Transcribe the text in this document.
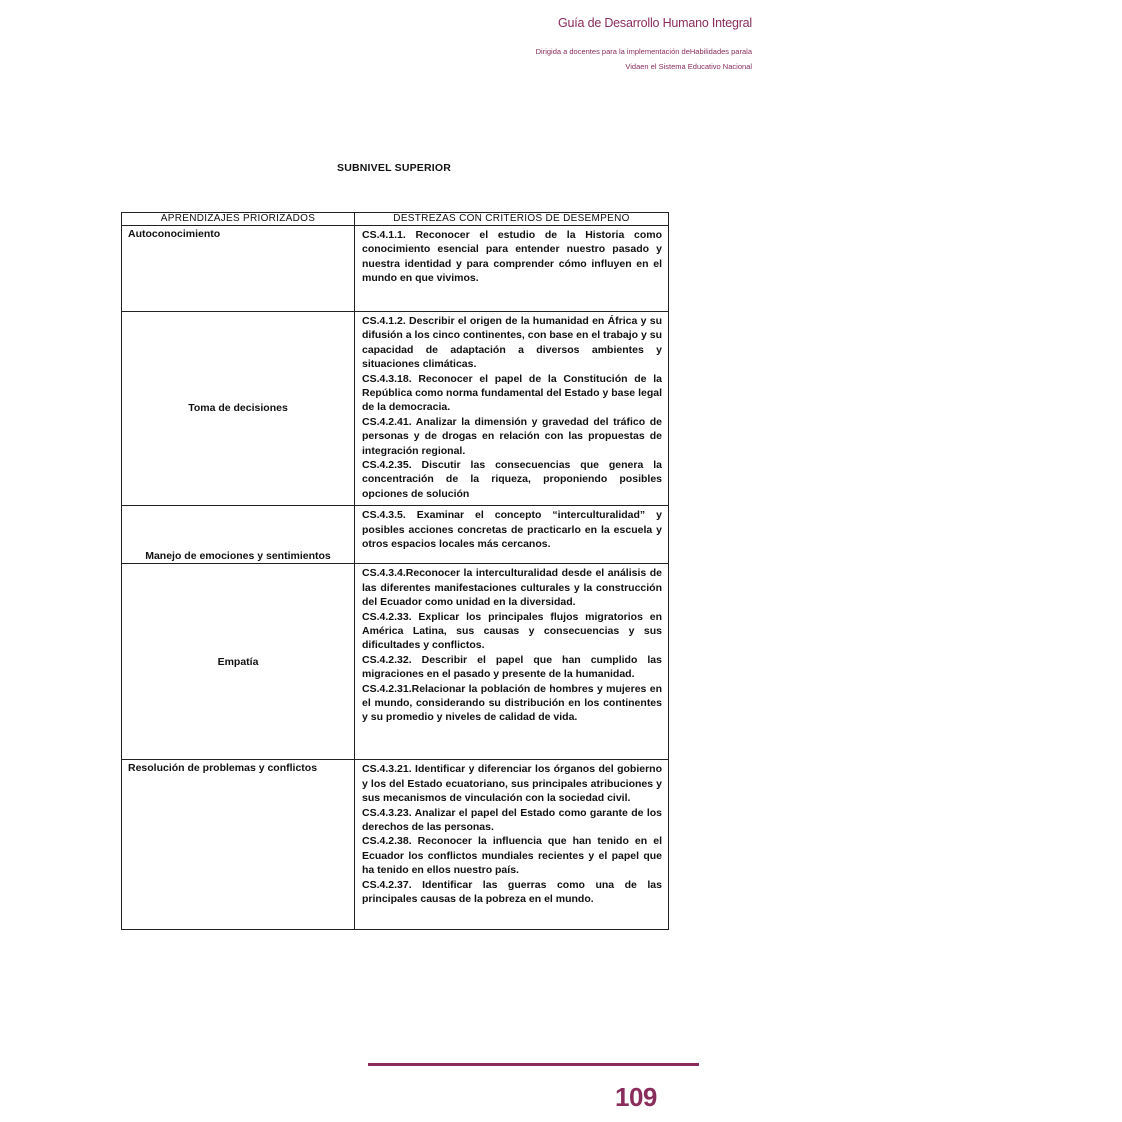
Guía de Desarrollo Humano Integral
Dirigida a docentes para la implementación deHabilidades parala
Vidaen el Sistema Educativo Nacional
SUBNIVEL SUPERIOR
APRENDIZAJES PRIORIZADOS	DESTREZAS CON CRITERIOS DE DESEMPEÑO
Autoconocimiento	CS.4.1.1. Reconocer el estudio de la Historia como conocimiento esencial para entender nuestro pasado y nuestra identidad y para comprender cómo influyen en el mundo en que vivimos.

Toma de decisiones	CS.4.1.2. Describir el origen de la humanidad en África y su difusión a los cinco continentes, con base en el trabajo y su capacidad de adaptación a diversos ambientes y situaciones climáticas.

CS.4.3.18. Reconocer el papel de la Constitución de la República como norma fundamental del Estado y base legal de la democracia.

CS.4.2.41. Analizar la dimensión y gravedad del tráfico de personas y de drogas en relación con las propuestas de integración regional.

CS.4.2.35. Discutir las consecuencias que genera la concentración de la riqueza, proponiendo posibles opciones de solución

Manejo de emociones y sentimientos	CS.4.3.5. Examinar el concepto “interculturalidad” y posibles acciones concretas de practicarlo en la escuela y otros espacios locales más cercanos.

Empatía	CS.4.3.4.Reconocer la interculturalidad desde el análisis de las diferentes manifestaciones culturales y la construcción del Ecuador como unidad en la diversidad.

CS.4.2.33. Explicar los principales flujos migratorios en América Latina, sus causas y consecuencias y sus dificultades y conflictos.

CS.4.2.32. Describir el papel que han cumplido las migraciones en el pasado y presente de la humanidad.

CS.4.2.31.Relacionar la población de hombres y mujeres en el mundo, considerando su distribución en los continentes y su promedio y niveles de calidad de vida.

Resolución de problemas y conflictos	CS.4.3.21. Identificar y diferenciar los órganos del gobierno y los del Estado ecuatoriano, sus principales atribuciones y sus mecanismos de vinculación con la sociedad civil.

CS.4.3.23. Analizar el papel del Estado como garante de los derechos de las personas.

CS.4.2.38. Reconocer la influencia que han tenido en el Ecuador los conflictos mundiales recientes y el papel que ha tenido en ellos nuestro país.

CS.4.2.37. Identificar las guerras como una de las principales causas de la pobreza en el mundo.

109
